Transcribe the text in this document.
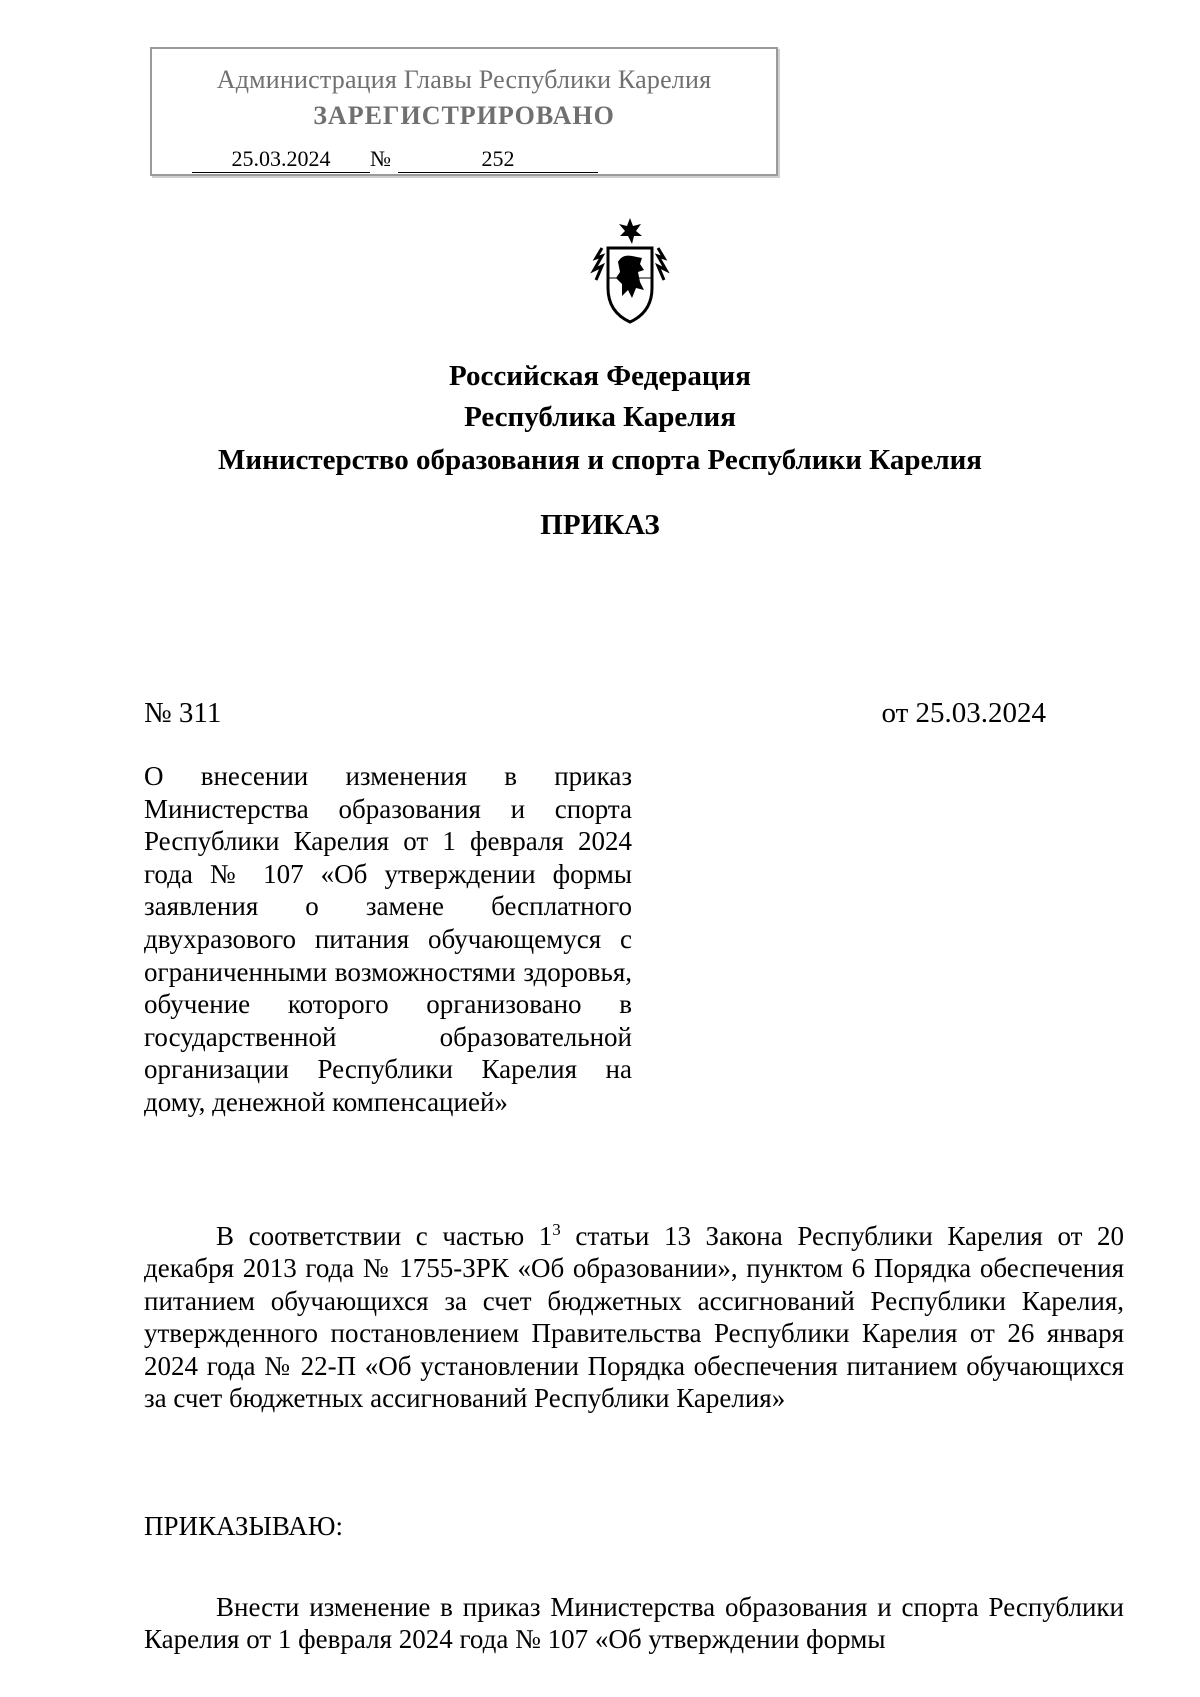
Администрация Главы Республики Карелия
ЗАРЕГИСТРИРОВАНО
25.03.2024 №	252
Российская Федерация
Республика Карелия
Министерство образования и спорта Республики Карелия
ПРИКАЗ
№ 311	от 25.03.2024
О внесении изменения в приказ Министерства образования и спорта Республики Карелия от 1 февраля 2024 года № 107 «Об утверждении формы заявления о замене бесплатного двухразового питания обучающемуся с ограниченными возможностями здоровья, обучение которого организовано в государственной образовательной организации Республики Карелия на дому, денежной компенсацией»
В соответствии с частью $1^3$ статьи 13 Закона Республики Карелия от 20 декабря 2013 года № 1755-ЗРК «Об образовании», пунктом 6 Порядка обеспечения питанием обучающихся за счет бюджетных ассигнований Республики Карелия, утвержденного постановлением Правительства Республики Карелия от 26 января 2024 года № 22-П «Об установлении Порядка обеспечения питанием обучающихся за счет бюджетных ассигнований Республики Карелия»
ПРИКАЗЫВАЮ:
Внести изменение в приказ Министерства образования и спорта Республики Карелия от 1 февраля 2024 года № 107 «Об утверждении формы
